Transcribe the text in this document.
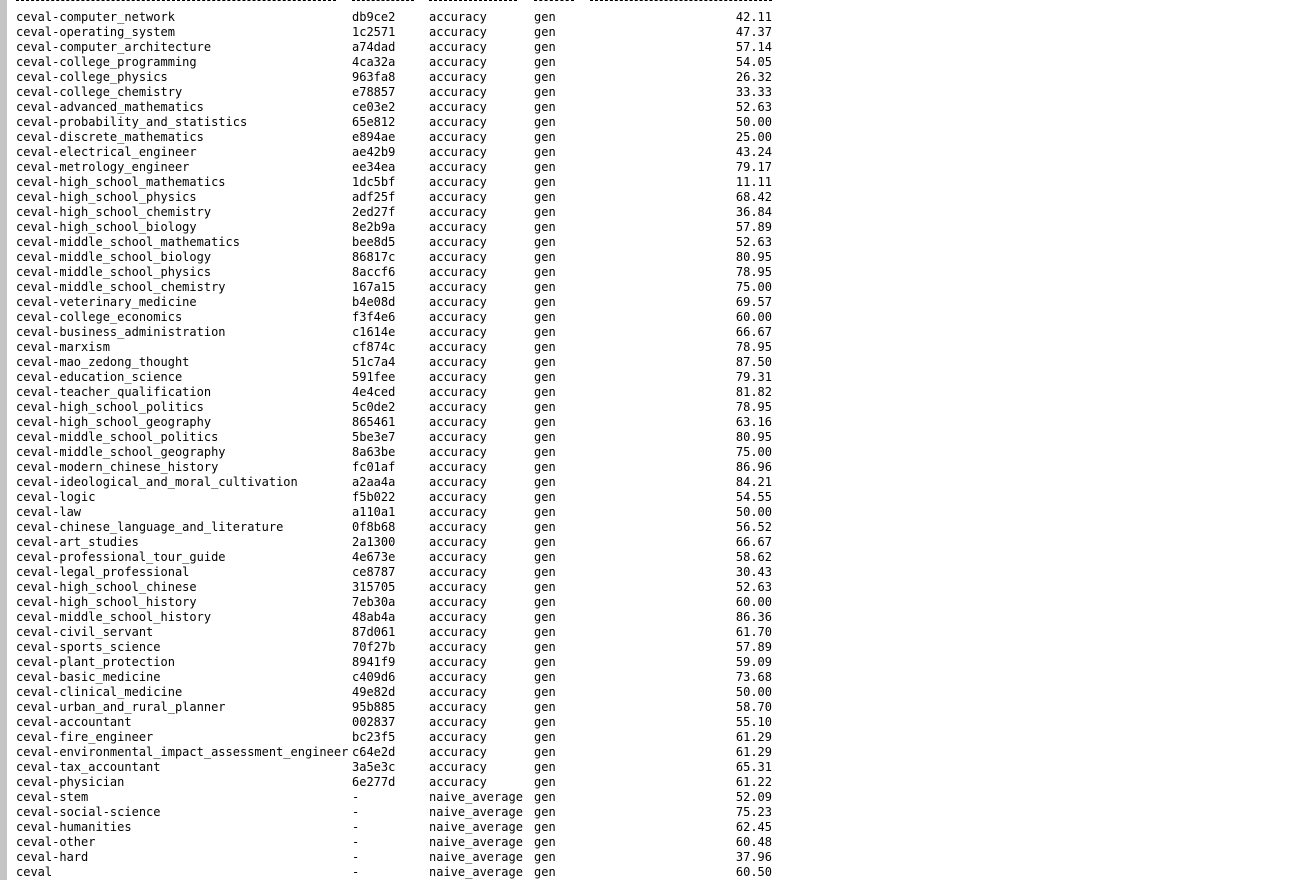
ceval-computer_network	db9ce2	accuracy	gen	42.11
ceval-operating_system	1c2571	accuracy	gen	47.37
ceval-computer_architecture	a74dad	accuracy	gen	57.14
ceval-college_programming	4ca32a	accuracy	gen	54.05
ceval-college_physics	963fa8	accuracy	gen	26.32
ceval-college_chemistry	e78857	accuracy	gen	33.33
ceval-advanced_mathematics	ce03e2	accuracy	gen	52.63
ceval-probability_and_statistics	65e812	accuracy	gen	50.00
ceval-discrete_mathematics	e894ae	accuracy	gen	25.00
ceval-electrical_engineer	ae42b9	accuracy	gen	43.24
ceval-metrology_engineer	ee34ea	accuracy	gen	79.17
ceval-high_school_mathematics	1dc5bf	accuracy	gen	11.11
ceval-high_school_physics	adf25f	accuracy	gen	68.42
ceval-high_school_chemistry	2ed27f	accuracy	gen	36.84
ceval-high_school_biology	8e2b9a	accuracy	gen	57.89
ceval-middle_school_mathematics	bee8d5	accuracy	gen	52.63
ceval-middle_school_biology	86817c	accuracy	gen	80.95
ceval-middle_school_physics	8accf6	accuracy	gen	78.95
ceval-middle_school_chemistry	167a15	accuracy	gen	75.00
ceval-veterinary_medicine	b4e08d	accuracy	gen	69.57
ceval-college_economics	f3f4e6	accuracy	gen	60.00
ceval-business_administration	c1614e	accuracy	gen	66.67
ceval-marxism	cf874c	accuracy	gen	78.95
ceval-mao_zedong_thought	51c7a4	accuracy	gen	87.50
ceval-education_science	591fee	accuracy	gen	79.31
ceval-teacher_qualification	4e4ced	accuracy	gen	81.82
ceval-high_school_politics	5c0de2	accuracy	gen	78.95
ceval-high_school_geography	865461	accuracy	gen	63.16
ceval-middle_school_politics	5be3e7	accuracy	gen	80.95
ceval-middle_school_geography	8a63be	accuracy	gen	75.00
ceval-modern_chinese_history	fc01af	accuracy	gen	86.96
ceval-ideological_and_moral_cultivation	a2aa4a	accuracy	gen	84.21
ceval-logic	f5b022	accuracy	gen	54.55
ceval-law	a110a1	accuracy	gen	50.00
ceval-chinese_language_and_literature	0f8b68	accuracy	gen	56.52
ceval-art_studies	2a1300	accuracy	gen	66.67
ceval-professional_tour_guide	4e673e	accuracy	gen	58.62
ceval-legal_professional	ce8787	accuracy	gen	30.43
ceval-high_school_chinese	315705	accuracy	gen	52.63
ceval-high_school_history	7eb30a	accuracy	gen	60.00
ceval-middle_school_history	48ab4a	accuracy	gen	86.36
ceval-civil_servant	87d061	accuracy	gen	61.70
ceval-sports_science	70f27b	accuracy	gen	57.89
ceval-plant_protection	8941f9	accuracy	gen	59.09
ceval-basic_medicine	c409d6	accuracy	gen	73.68
ceval-clinical_medicine	49e82d	accuracy	gen	50.00
ceval-urban_and_rural_planner	95b885	accuracy	gen	58.70
ceval-accountant	002837	accuracy	gen	55.10
ceval-fire_engineer	bc23f5	accuracy	gen	61.29
ceval-environmental_impact_assessment_engineer c64e2d	accuracy	gen	61.29
ceval-tax_accountant	3a5e3c	accuracy	gen	65.31
ceval-physician	6e277d	accuracy	gen	61.22
ceval-stem	-	naive_average gen	52.09
ceval-social-science	-	naive_average gen	75.23
ceval-humanities	-	naive_average gen	62.45
ceval-other	-	naive_average gen	60.48
ceval-hard	-	naive_average gen	37.96
ceval	-	naive_average gen	60.50
